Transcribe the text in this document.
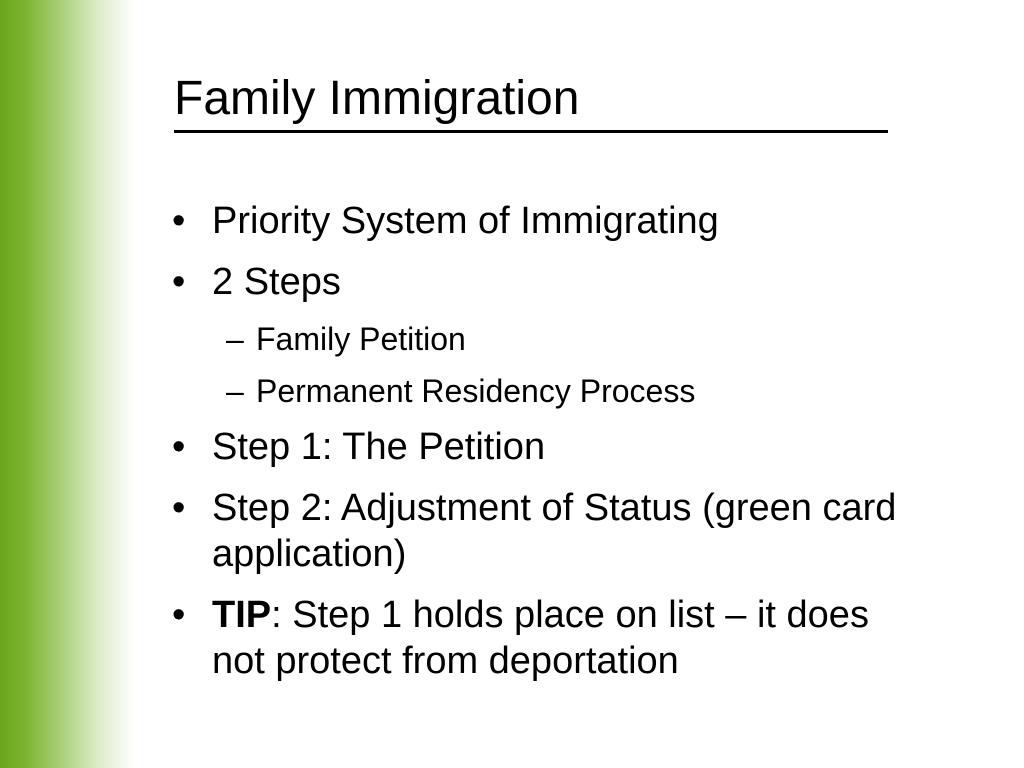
Family Immigration
• Priority System of Immigrating
• 2 Steps
– Family Petition
– Permanent Residency Process
• Step 1: The Petition
• Step 2: Adjustment of Status (green card application)
• TIP: Step 1 holds place on list – it does not protect from deportation
